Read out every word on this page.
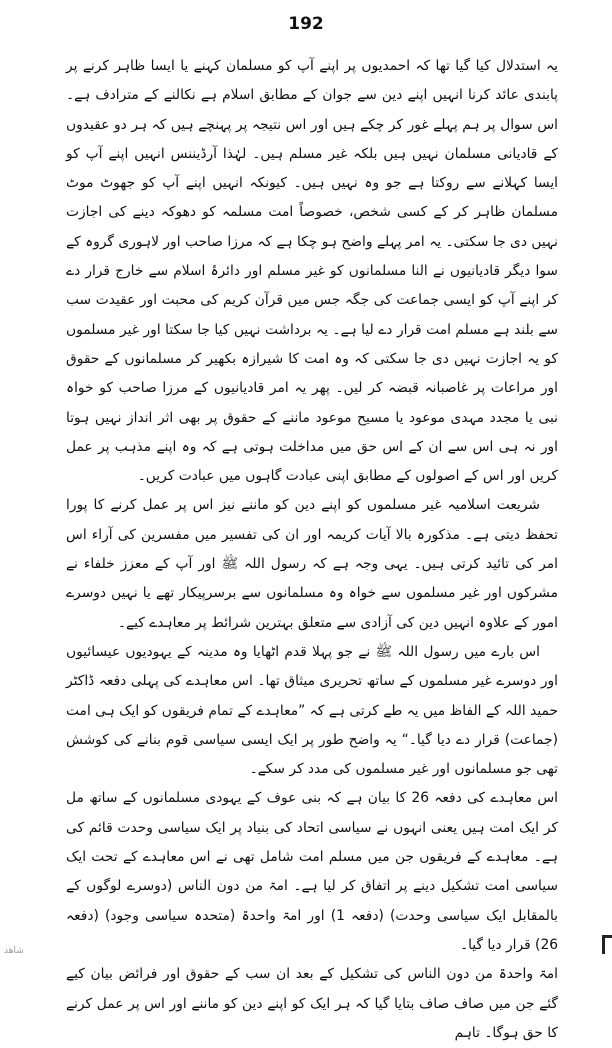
192

یہ استدلال کیا گیا تھا کہ احمدیوں پر اپنے آپ کو مسلمان کہنے یا ایسا ظاہر کرنے پر پابندی عائد کرنا انہیں اپنے دین سے جوان کے مطابق اسلام ہے نکالنے کے مترادف ہے۔ اس سوال پر ہم پہلے غور کر چکے ہیں اور اس نتیجہ پر پہنچے ہیں کہ ہر دو عقیدوں کے قادیانی مسلمان نہیں ہیں بلکہ غیر مسلم ہیں۔ لہٰذا آرڈیننس انہیں اپنے آپ کو ایسا کہلانے سے روکتا ہے جو وہ نہیں ہیں۔ کیونکہ انہیں اپنے آپ کو جھوٹ موٹ مسلمان ظاہر کر کے کسی شخص، خصوصاً امت مسلمہ کو دھوکہ دینے کی اجازت نہیں دی جا سکتی۔ یہ امر پہلے واضح ہو چکا ہے کہ مرزا صاحب اور لاہوری گروہ کے سوا دیگر قادیانیوں نے النا مسلمانوں کو غیر مسلم اور دائرۂ اسلام سے خارج قرار دے کر اپنے آپ کو ایسی جماعت کی جگہ جس میں قرآن کریم کی محبت اور عقیدت سب سے بلند ہے مسلم امت قرار دے لیا ہے۔ یہ برداشت نہیں کیا جا سکتا اور غیر مسلموں کو یہ اجازت نہیں دی جا سکتی کہ وہ امت کا شیرازہ بکھیر کر مسلمانوں کے حقوق اور مراعات پر غاصبانہ قبضہ کر لیں۔ پھر یہ امر قادیانیوں کے مرزا صاحب کو خواہ نبی یا مجدد مہدی موعود یا مسیح موعود ماننے کے حقوق پر بھی اثر انداز نہیں ہوتا اور نہ ہی اس سے ان کے اس حق میں مداخلت ہوتی ہے کہ وہ اپنے مذہب پر عمل کریں اور اس کے اصولوں کے مطابق اپنی عبادت گاہوں میں عبادت کریں۔

شریعت اسلامیہ غیر مسلموں کو اپنے دین کو ماننے نیز اس پر عمل کرنے کا پورا تحفظ دیتی ہے۔ مذکورہ بالا آیات کریمہ اور ان کی تفسیر میں مفسرین کی آراء اس امر کی تائید کرتی ہیں۔ یہی وجہ ہے کہ رسول اللہ ﷺ اور آپ کے معزز خلفاء نے مشرکوں اور غیر مسلموں سے خواہ وہ مسلمانوں سے برسرپیکار تھے یا نہیں دوسرے امور کے علاوہ انہیں دین کی آزادی سے متعلق بہترین شرائط پر معاہدے کیے۔

اس بارے میں رسول اللہ ﷺ نے جو پہلا قدم اٹھایا وہ مدینہ کے یہودیوں عیسائیوں اور دوسرے غیر مسلموں کے ساتھ تحریری میثاق تھا۔ اس معاہدے کی پہلی دفعہ ڈاکٹر حمید اللہ کے الفاظ میں یہ طے کرتی ہے کہ ”معاہدے کے تمام فریقوں کو ایک ہی امت (جماعت) قرار دے دیا گیا۔“ یہ واضح طور پر ایک ایسی سیاسی قوم بنانے کی کوشش تھی جو مسلمانوں اور غیر مسلموں کی مدد کر سکے۔

اس معاہدے کی دفعہ 26 کا بیان ہے کہ بنی عوف کے یہودی مسلمانوں کے ساتھ مل کر ایک امت ہیں یعنی انہوں نے سیاسی اتحاد کی بنیاد پر ایک سیاسی وحدت قائم کی ہے۔ معاہدے کے فریقوں جن میں مسلم امت شامل تھی نے اس معاہدے کے تحت ایک سیاسی امت تشکیل دینے پر اتفاق کر لیا ہے۔ امۃ من دون الناس (دوسرے لوگوں کے بالمقابل ایک سیاسی وحدت) (دفعہ 1) اور امۃ واحدۃ (متحدہ سیاسی وجود) (دفعہ 26) قرار دیا گیا۔

امۃ واحدۃ من دون الناس کی تشکیل کے بعد ان سب کے حقوق اور فرائض بیان کیے گئے جن میں صاف صاف بتایا گیا کہ ہر ایک کو اپنے دین کو ماننے اور اس پر عمل کرنے کا حق ہوگا۔ تاہم

ﺷﺎﻫﺪ
